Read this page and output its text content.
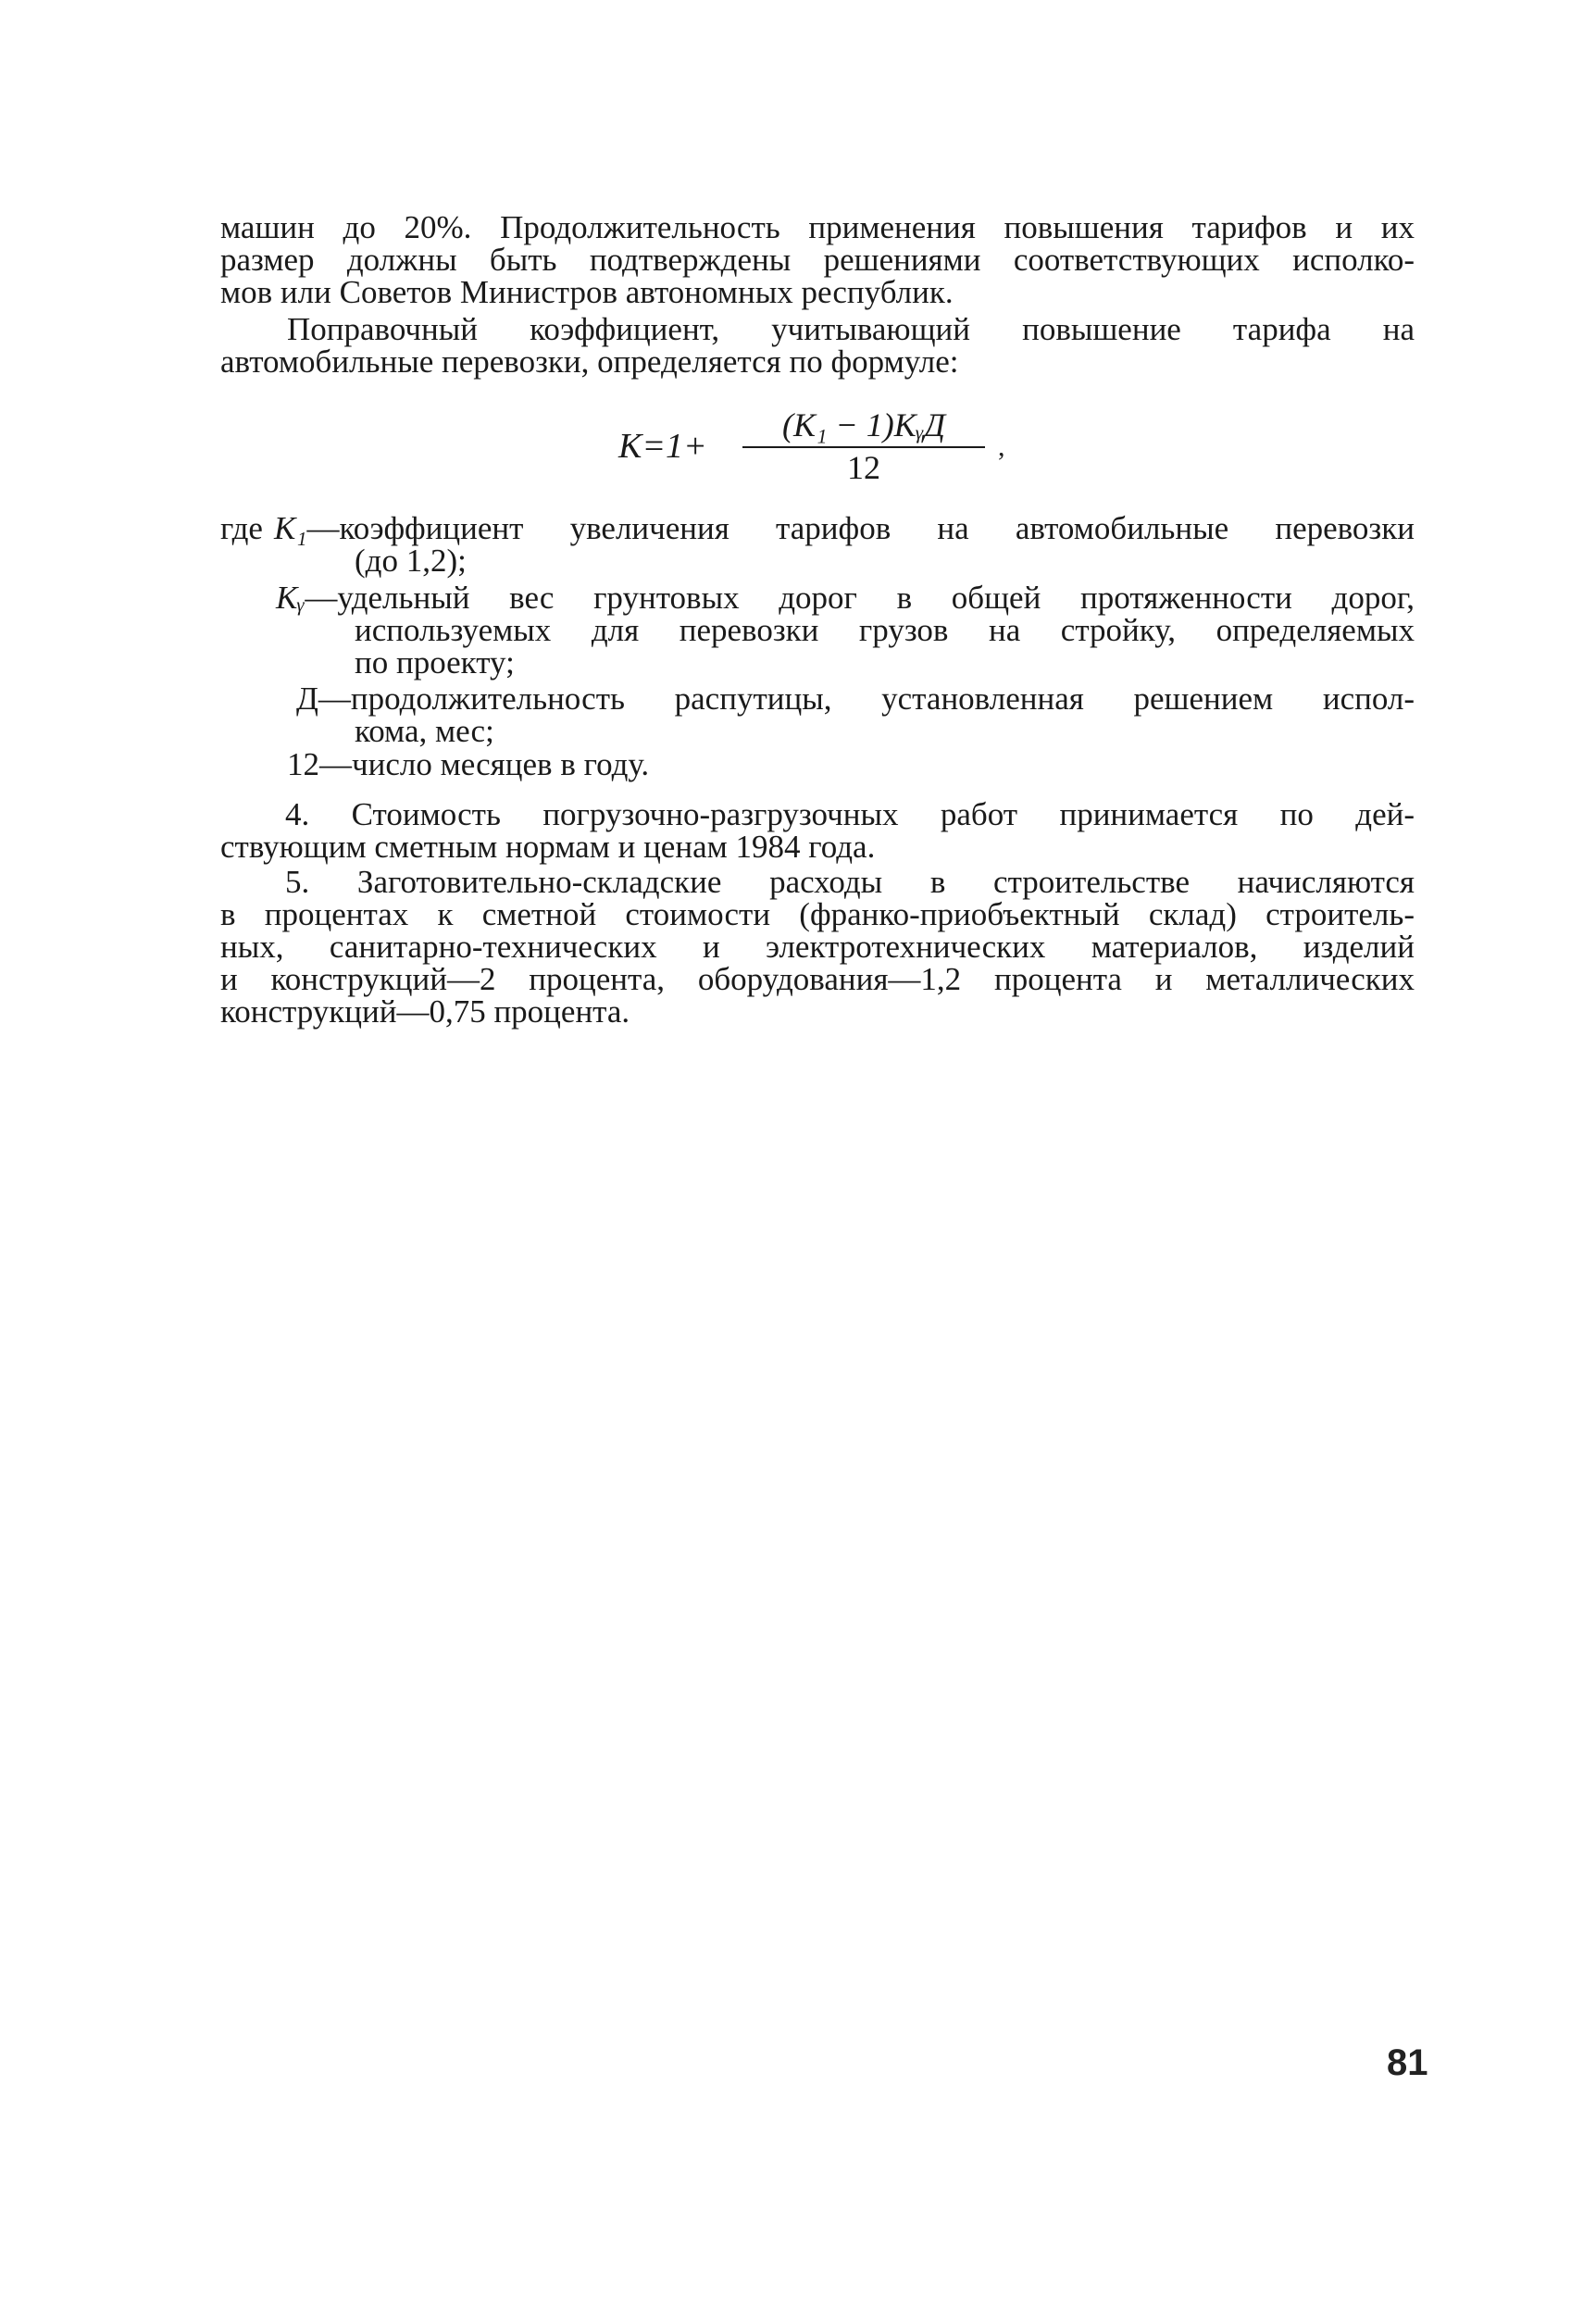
машин до 20%. Продолжительность применения повышения тарифов и их
размер должны быть подтверждены решениями соответствующих исполко-
мов или Советов Министров автономных республик.
Поправочный коэффициент, учитывающий повышение тарифа на
автомобильные перевозки, определяется по формуле:
K=1+
(K₁ − 1)KᵧД
12
,
где K₁—коэффициент увеличения тарифов на автомобильные перевозки
(до 1,2);
Kᵧ—удельный вес грунтовых дорог в общей протяженности дорог,
используемых для перевозки грузов на стройку, определяемых
по проекту;
Д—продолжительность распутицы, установленная решением испол-
кома, мес;
12—число месяцев в году.
4. Стоимость погрузочно-разгрузочных работ принимается по дей-
ствующим сметным нормам и ценам 1984 года.
5. Заготовительно-складские расходы в строительстве начисляются
в процентах к сметной стоимости (франко-приобъектный склад) строитель-
ных, санитарно-технических и электротехнических материалов, изделий
и конструкций—2 процента, оборудования—1,2 процента и металлических
конструкций—0,75 процента.
81
